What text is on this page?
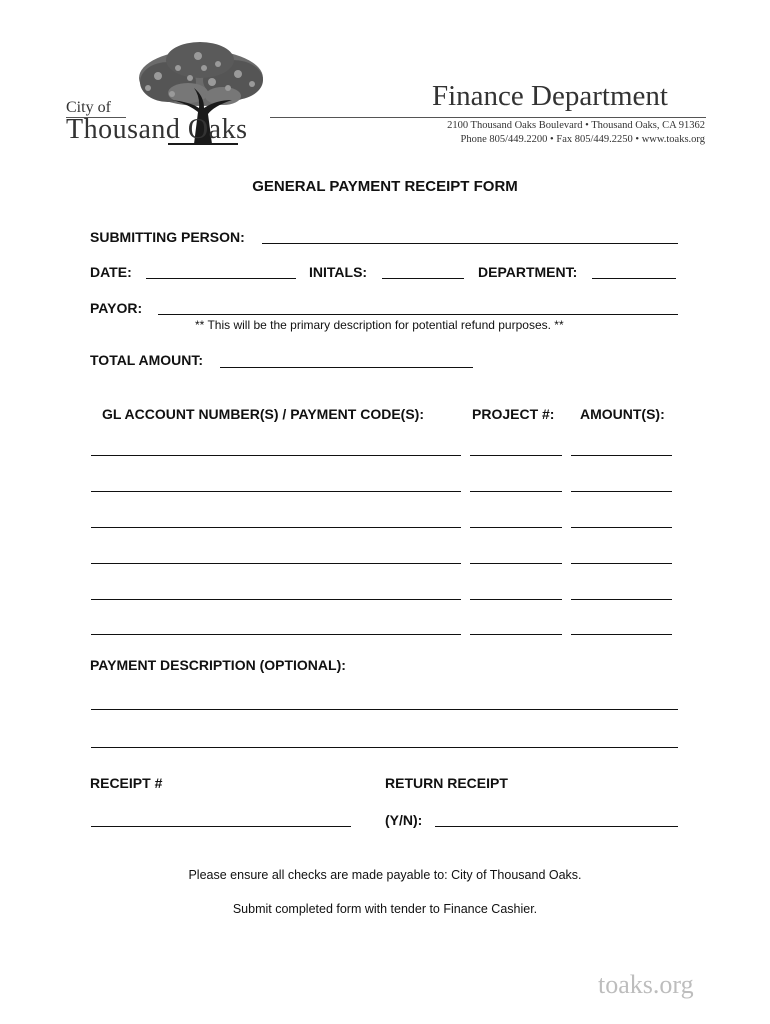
City of
Thousand Oaks
Finance Department
2100 Thousand Oaks Boulevard • Thousand Oaks, CA 91362
Phone 805/449.2200 • Fax 805/449.2250 • www.toaks.org
GENERAL PAYMENT RECEIPT FORM
SUBMITTING PERSON:
DATE:	INITALS:	DEPARTMENT:
PAYOR:
** This will be the primary description for potential refund purposes. **
TOTAL AMOUNT:
GL ACCOUNT NUMBER(S) / PAYMENT CODE(S):	PROJECT #: AMOUNT(S):
PAYMENT DESCRIPTION (OPTIONAL):
RECEIPT #	RETURN RECEIPT
(Y/N):
Please ensure all checks are made payable to: City of Thousand Oaks.
Submit completed form with tender to Finance Cashier.
toaks.org
